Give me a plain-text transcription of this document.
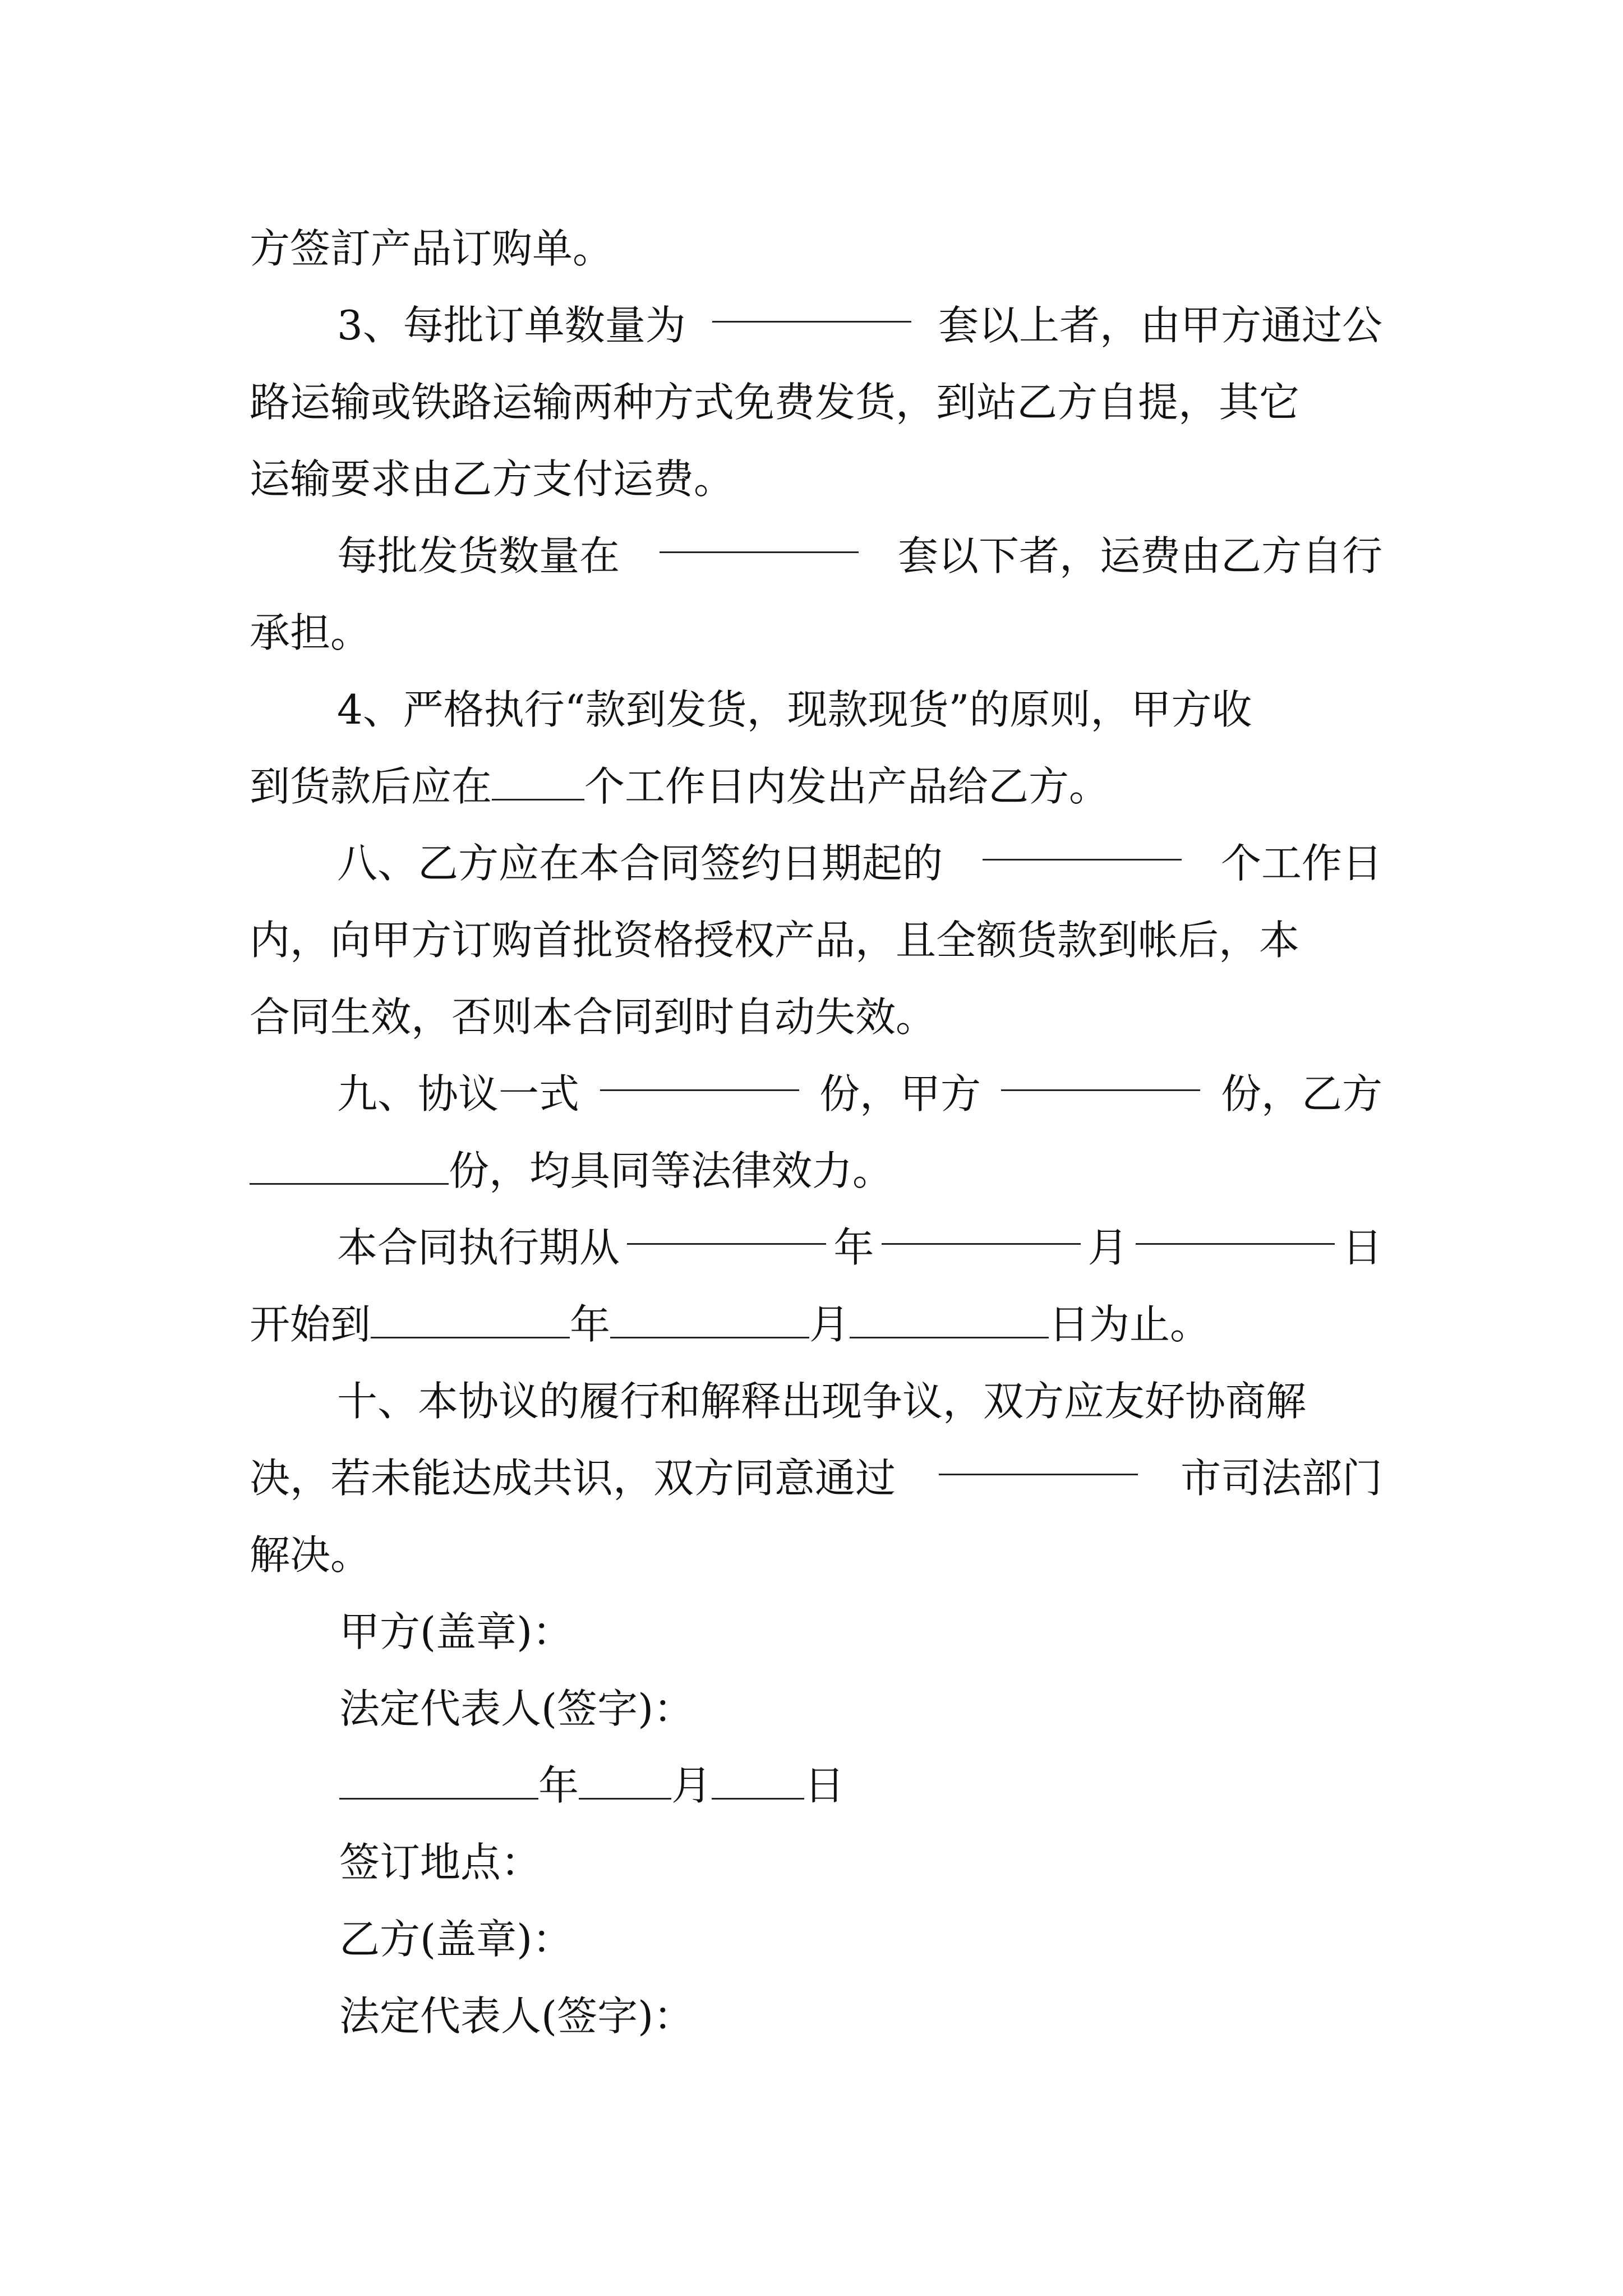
方签訂产品订购单。
3、每批订单数量为	套以上者，由甲方通过公
路运输或铁路运输两种方式免费发货，到站乙方自提，其它
运输要求由乙方支付运费。
每批发货数量在	套以下者，运费由乙方自行
承担。
4、严格执行“款到发货，现款现货”的原则，甲方收
到货款后应在 个工作日内发出产品给乙方。
八、乙方应在本合同签约日期起的	个工作日
内，向甲方订购首批资格授权产品，且全额货款到帐后，本
合同生效，否则本合同到时自动失效。
九、协议一式	份，甲方	份，乙方
份，均具同等法律效力。
本合同执行期从	年	月	日
开始到	年	月	日为止。
十、本协议的履行和解释出现争议，双方应友好协商解
决，若未能达成共识，双方同意通过	市司法部门
解决。
甲方(盖章)：
法定代表人(签字)：
年 月 日
签订地点：
乙方(盖章)：
法定代表人(签字)：
